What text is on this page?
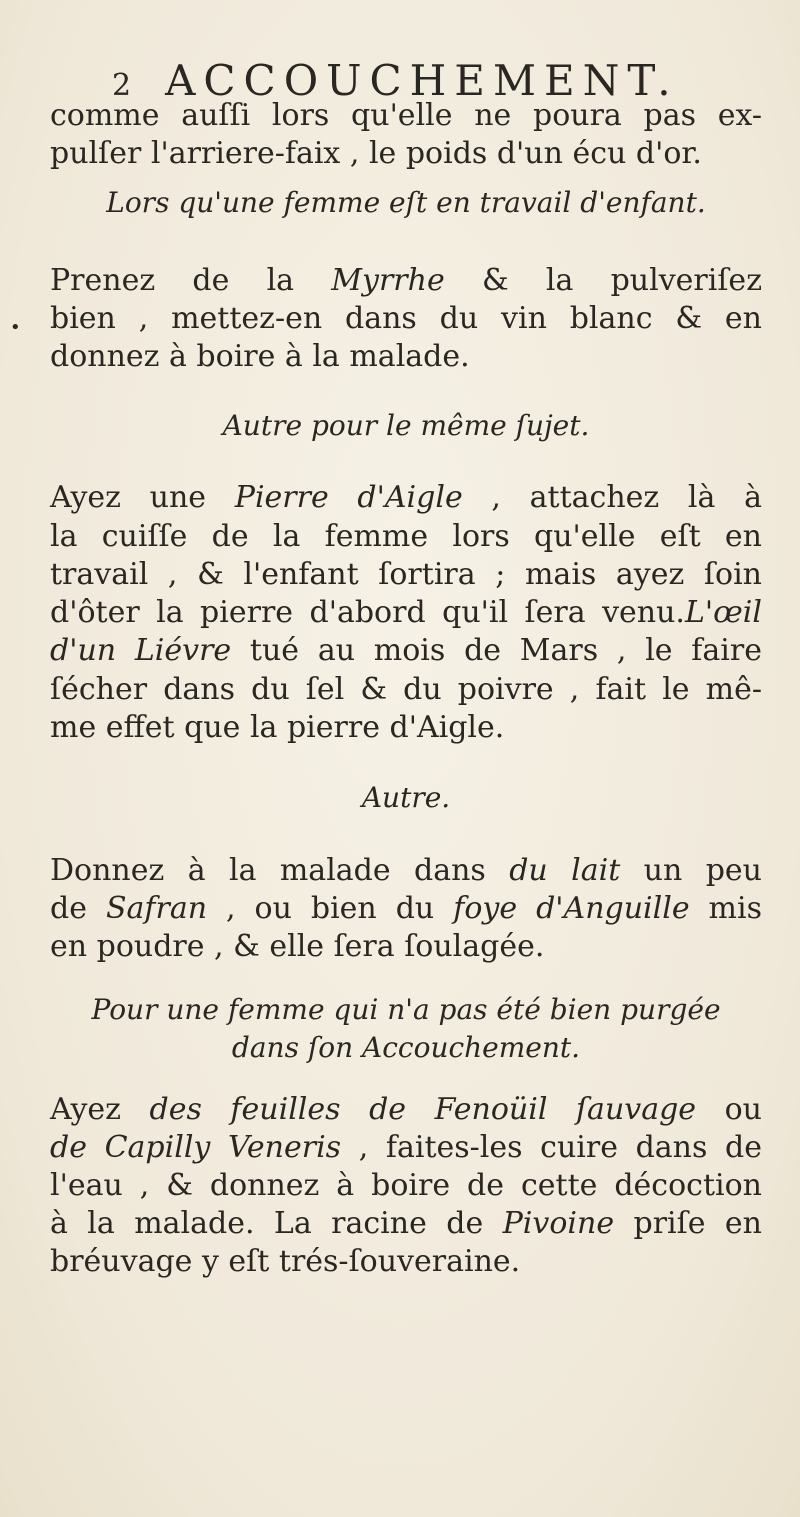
2 ACCOUCHEMENT.
•
comme auſſi lors qu'elle ne poura pas ex-
pulſer l'arriere-faix , le poids d'un écu d'or.
Lors qu'une femme eſt en travail d'enfant.
Prenez de la Myrrhe & la pulveriſez
bien , mettez-en dans du vin blanc & en
donnez à boire à la malade.
Autre pour le même ſujet.
Ayez une Pierre d'Aigle , attachez là à
la cuiſſe de la femme lors qu'elle eſt en
travail , & l'enfant ſortira ; mais ayez ſoin
d'ôter la pierre d'abord qu'il ſera venu.L'œil
d'un Liévre tué au mois de Mars , le faire
ſécher dans du ſel & du poivre , fait le mê-
me effet que la pierre d'Aigle.
Autre.
Donnez à la malade dans du lait un peu
de Safran , ou bien du foye d'Anguille mis
en poudre , & elle ſera ſoulagée.
Pour une femme qui n'a pas été bien purgée
dans ſon Accouchement.
Ayez des feuilles de Fenoüil ſauvage ou
de Capilly Veneris , faites-les cuire dans de
l'eau , & donnez à boire de cette décoction
à la malade. La racine de Pivoine priſe en
bréuvage y eſt trés-ſouveraine.
